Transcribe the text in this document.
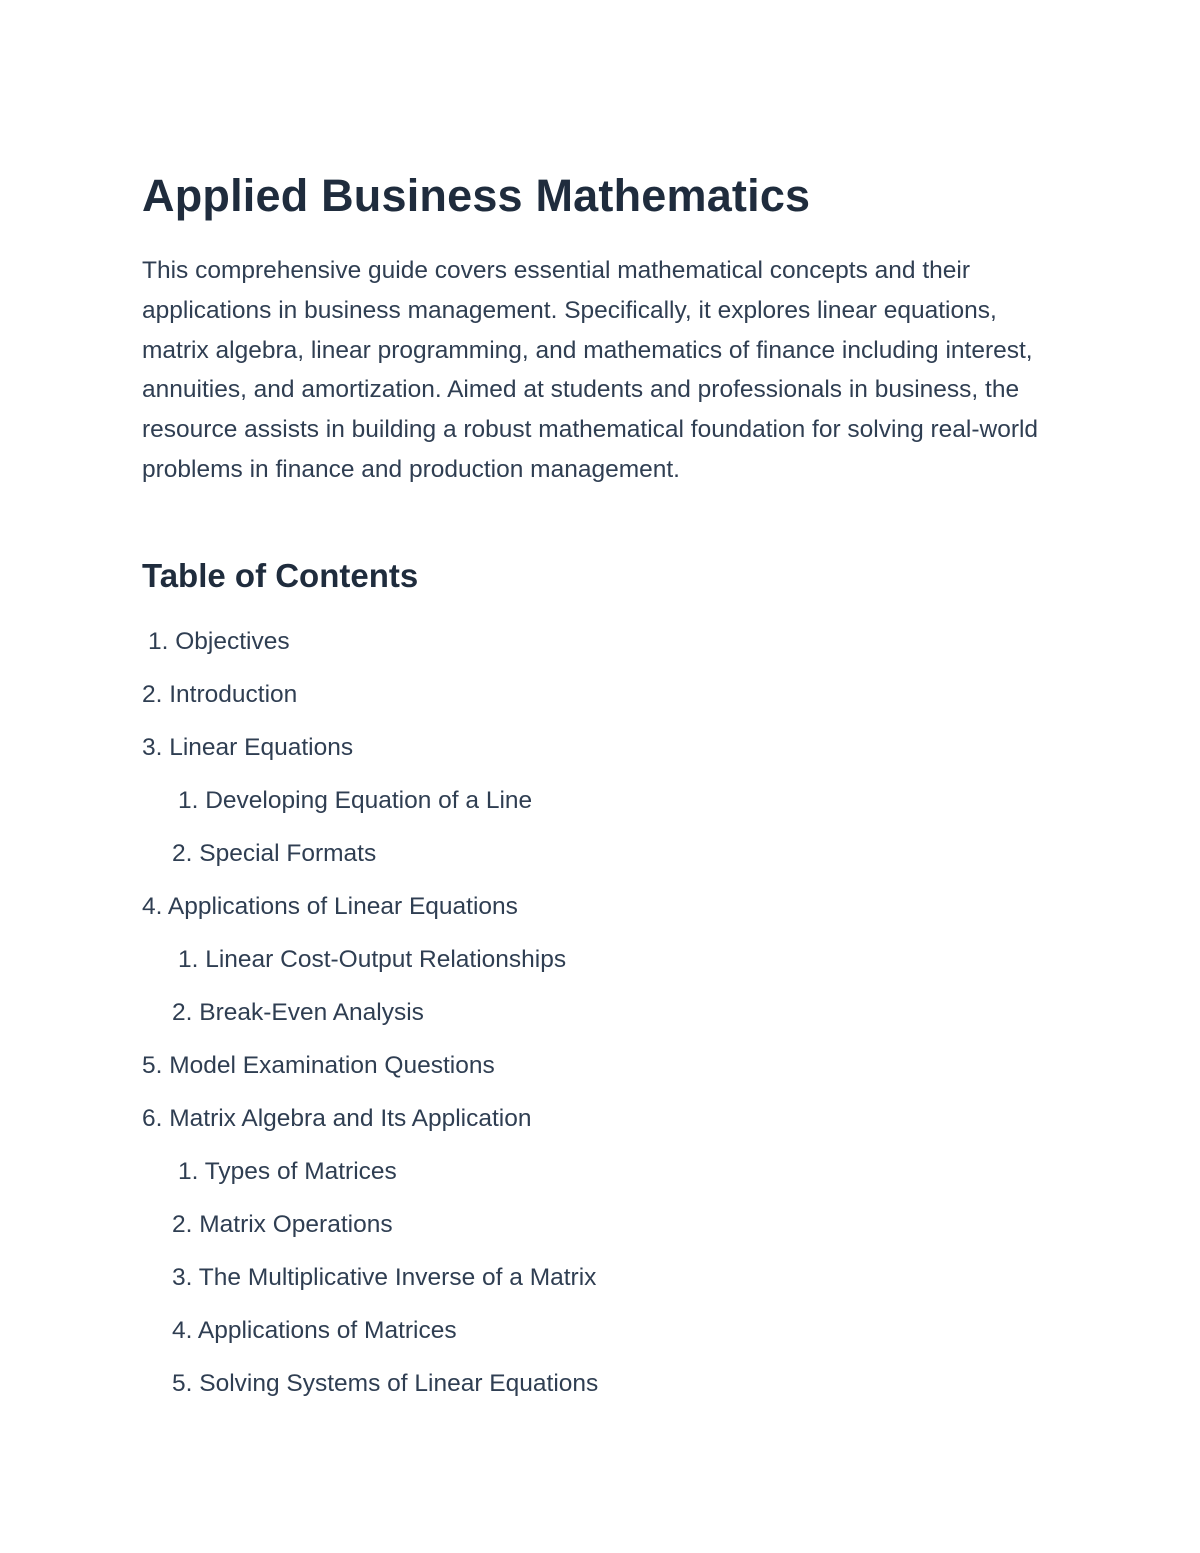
Applied Business Mathematics

This comprehensive guide covers essential mathematical concepts and their applications in business management. Specifically, it explores linear equations, matrix algebra, linear programming, and mathematics of finance including interest, annuities, and amortization. Aimed at students and professionals in business, the resource assists in building a robust mathematical foundation for solving real-world problems in finance and production management.

Table of Contents

1. Objectives

2. Introduction

3. Linear Equations

1. Developing Equation of a Line

2. Special Formats

4. Applications of Linear Equations

1. Linear Cost-Output Relationships

2. Break-Even Analysis

5. Model Examination Questions

6. Matrix Algebra and Its Application

1. Types of Matrices

2. Matrix Operations

3. The Multiplicative Inverse of a Matrix

4. Applications of Matrices

5. Solving Systems of Linear Equations
